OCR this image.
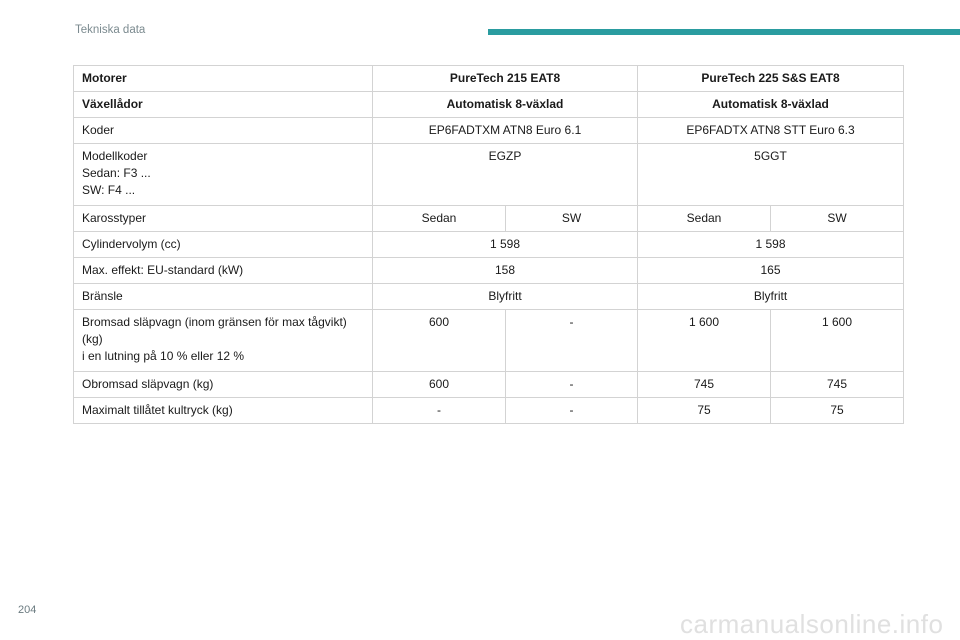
Tekniska data
Motorer	PureTech 215 EAT8		PureTech 225 S&S EAT8	
Växellådor	Automatisk 8-växlad		Automatisk 8-växlad	
Koder	EP6FADTXM ATN8 Euro 6.1		EP6FADTX ATN8 STT Euro 6.3	

Modellkoder
Sedan: F3 ...
SW: F4 ...	EGZP		5GGT	
Karosstyper	Sedan	SW	Sedan	SW
Cylindervolym (cc)	1 598		1 598	
Max. effekt: EU-standard (kW)	158		165	
Bränsle	Blyfritt		Blyfritt	

Bromsad släpvagn (inom gränsen för max tågvikt)
(kg)
i en lutning på 10 % eller 12 %	600	-	1 600	1 600
Obromsad släpvagn (kg)	600	-	745	745
Maximalt tillåtet kultryck (kg)	-	-	75	75
204	carmanualsonline.info
